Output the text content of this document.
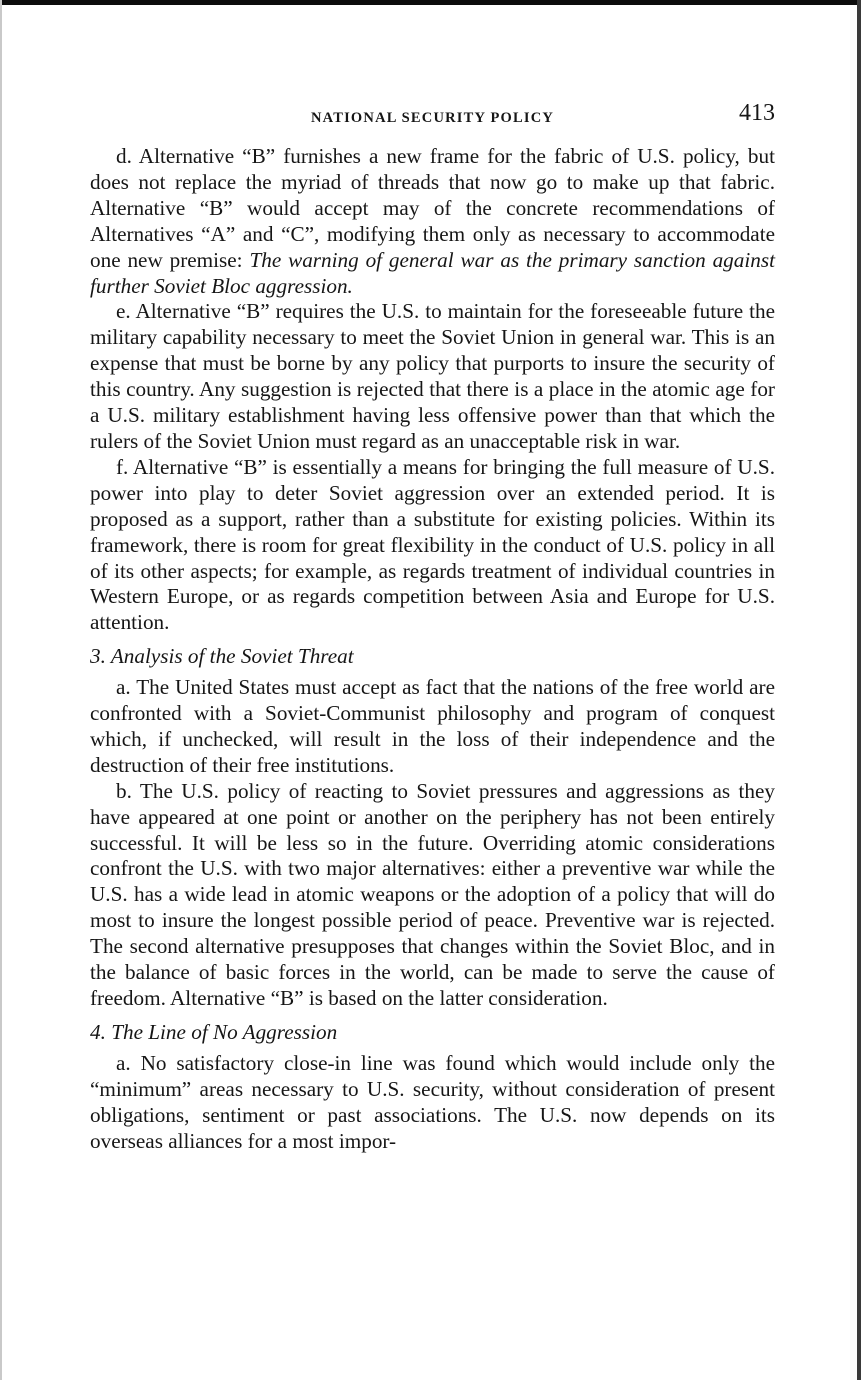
NATIONAL SECURITY POLICY	413

d. Alternative “B” furnishes a new frame for the fabric of U.S. policy, but does not replace the myriad of threads that now go to make up that fabric. Alternative “B” would accept may of the concrete recommendations of Alternatives “A” and “C”, modifying them only as necessary to accommodate one new premise: The warning of general war as the primary sanction against further Soviet Bloc aggression.

e. Alternative “B” requires the U.S. to maintain for the foreseeable future the military capability necessary to meet the Soviet Union in general war. This is an expense that must be borne by any policy that purports to insure the security of this country. Any suggestion is rejected that there is a place in the atomic age for a U.S. military establishment having less offensive power than that which the rulers of the Soviet Union must regard as an unacceptable risk in war.

f. Alternative “B” is essentially a means for bringing the full measure of U.S. power into play to deter Soviet aggression over an extended period. It is proposed as a support, rather than a substitute for existing policies. Within its framework, there is room for great flexibility in the conduct of U.S. policy in all of its other aspects; for example, as regards treatment of individual countries in Western Europe, or as regards competition between Asia and Europe for U.S. attention.

3. Analysis of the Soviet Threat

a. The United States must accept as fact that the nations of the free world are confronted with a Soviet-Communist philosophy and program of conquest which, if unchecked, will result in the loss of their independence and the destruction of their free institutions.

b. The U.S. policy of reacting to Soviet pressures and aggressions as they have appeared at one point or another on the periphery has not been entirely successful. It will be less so in the future. Overriding atomic considerations confront the U.S. with two major alternatives: either a preventive war while the U.S. has a wide lead in atomic weapons or the adoption of a policy that will do most to insure the longest possible period of peace. Preventive war is rejected. The second alternative presupposes that changes within the Soviet Bloc, and in the balance of basic forces in the world, can be made to serve the cause of freedom. Alternative “B” is based on the latter consideration.

4. The Line of No Aggression

a. No satisfactory close-in line was found which would include only the “minimum” areas necessary to U.S. security, without consideration of present obligations, sentiment or past associations. The U.S. now depends on its overseas alliances for a most impor-
